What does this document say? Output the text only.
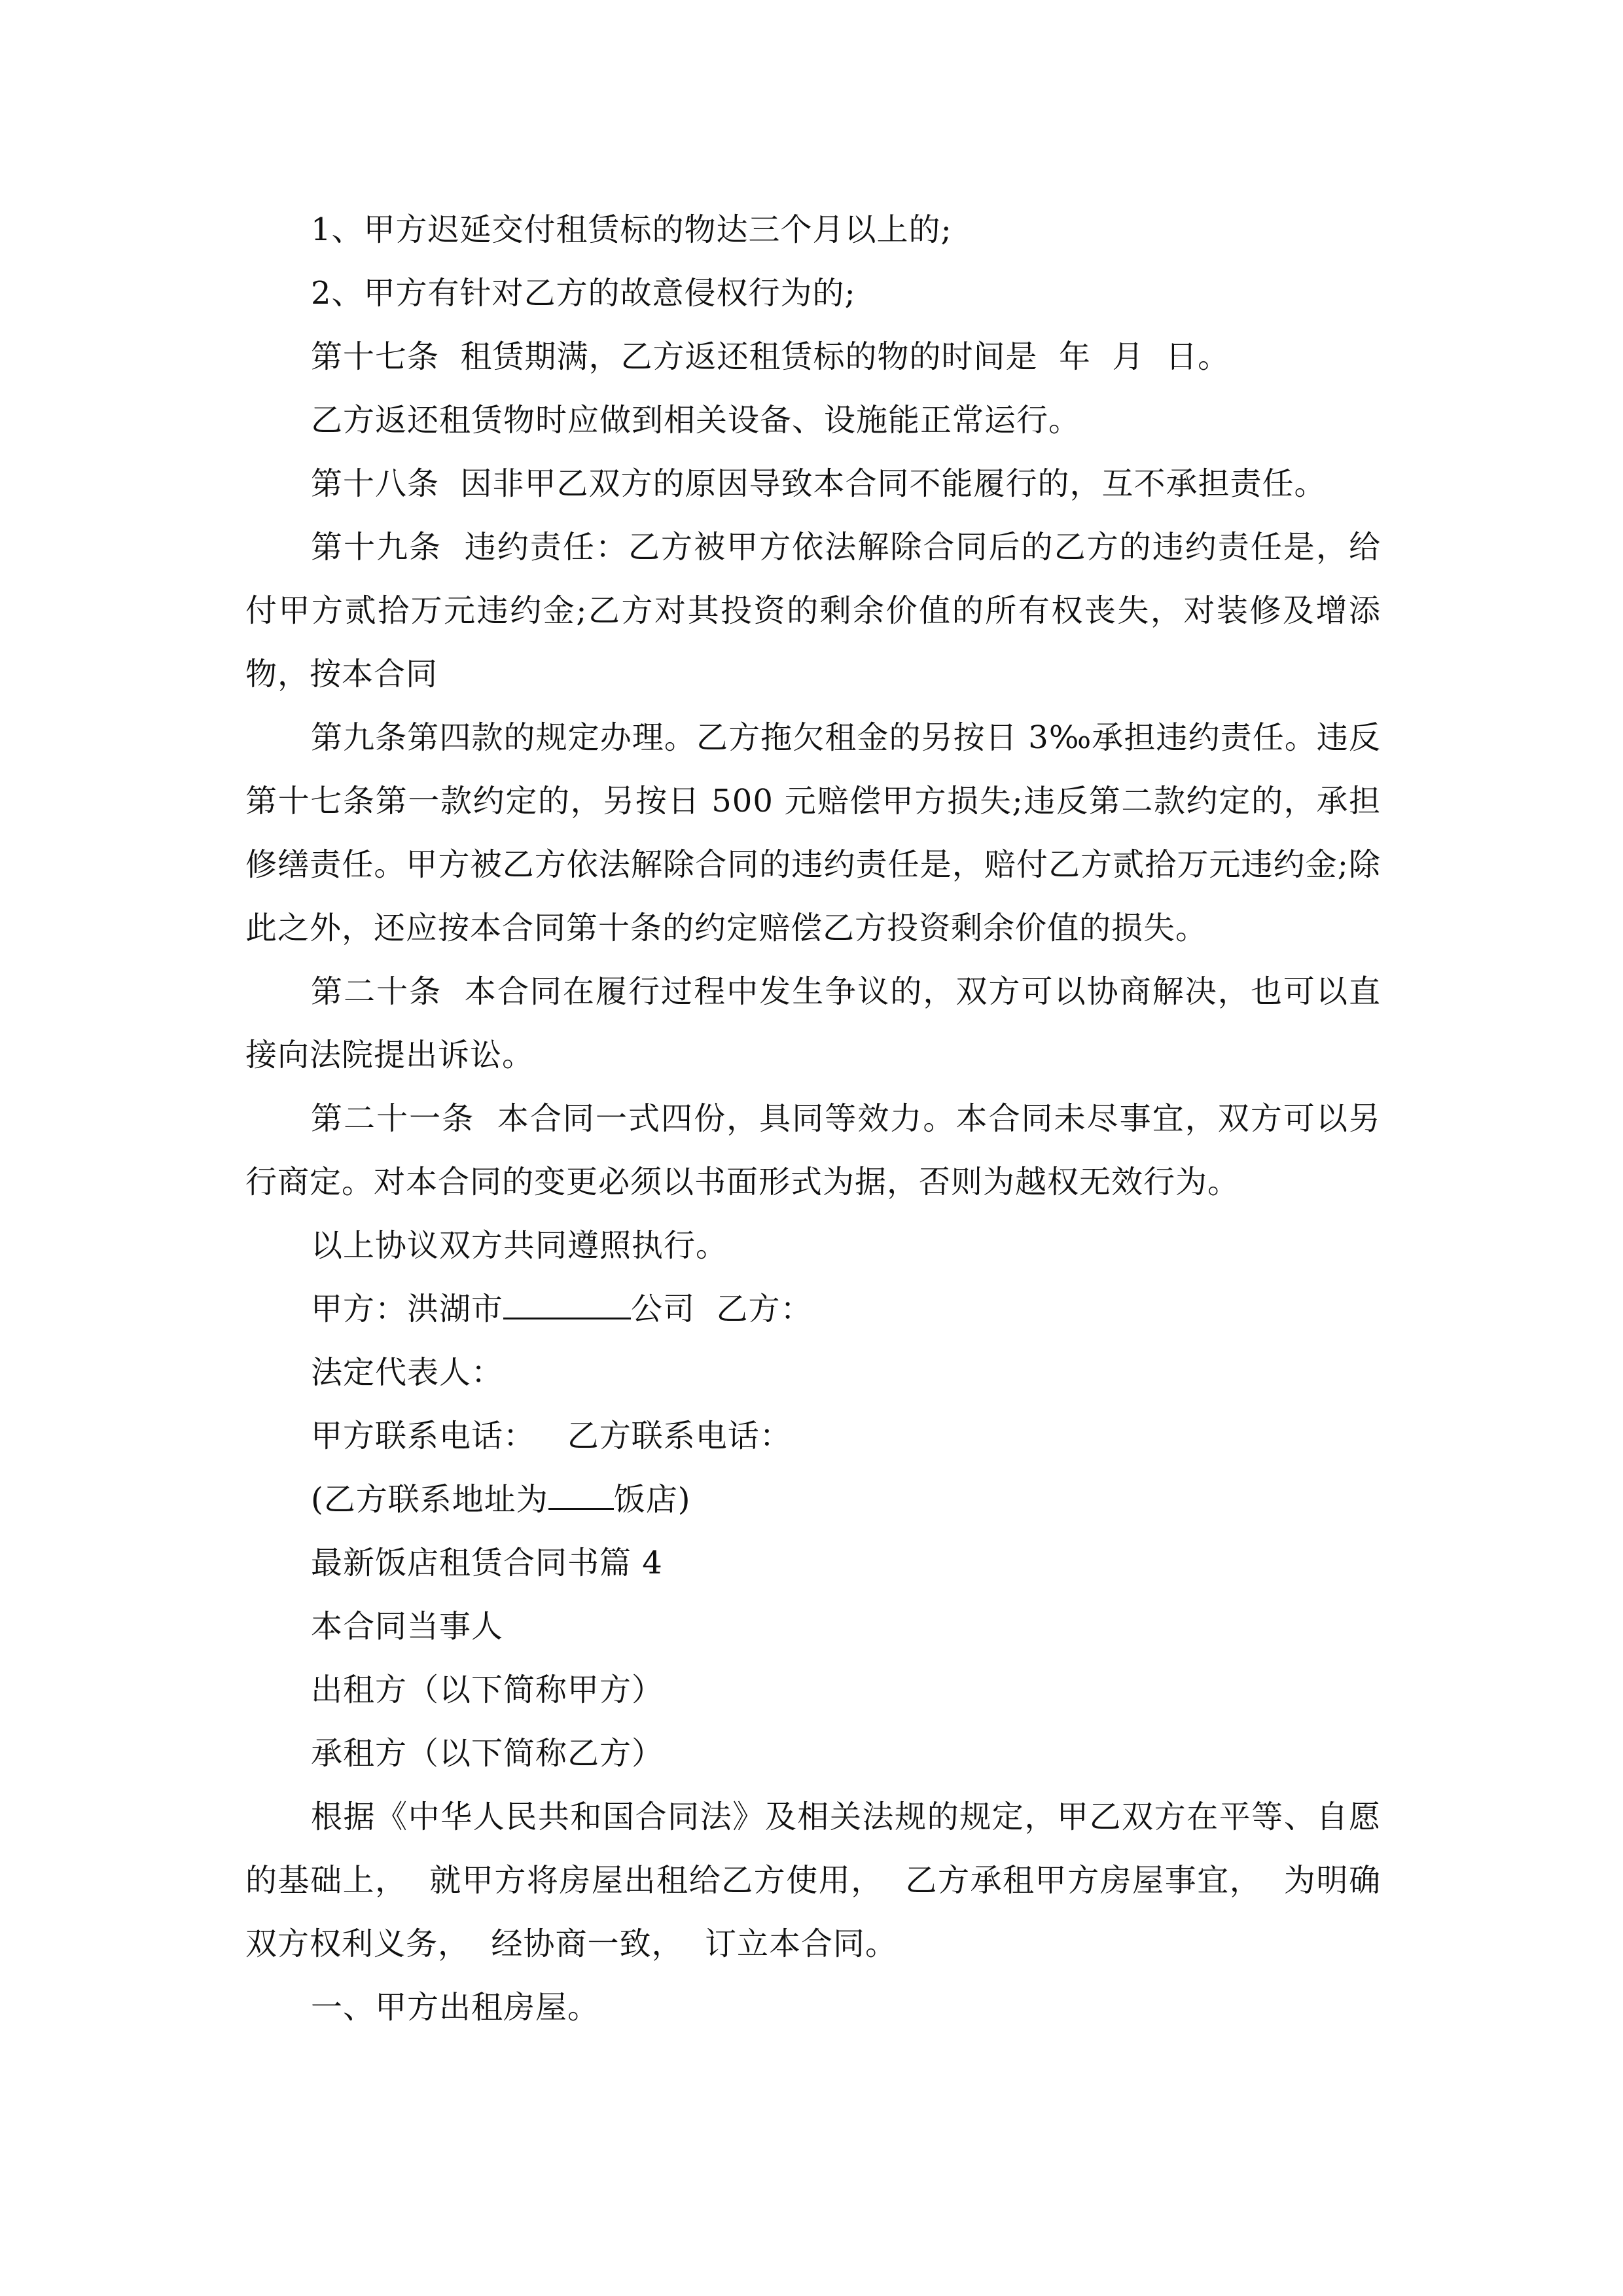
1、甲方迟延交付租赁标的物达三个月以上的;

2、甲方有针对乙方的故意侵权行为的;

第十七条  租赁期满，乙方返还租赁标的物的时间是  年  月  日。

乙方返还租赁物时应做到相关设备、设施能正常运行。

第十八条  因非甲乙双方的原因导致本合同不能履行的，互不承担责任。

第十九条  违约责任：乙方被甲方依法解除合同后的乙方的违约责任是，给付甲方贰拾万元违约金;乙方对其投资的剩余价值的所有权丧失，对装修及增添物，按本合同

第九条第四款的规定办理。乙方拖欠租金的另按日 3‰承担违约责任。违反第十七条第一款约定的，另按日 500 元赔偿甲方损失;违反第二款约定的，承担修缮责任。甲方被乙方依法解除合同的违约责任是，赔付乙方贰拾万元违约金;除此之外，还应按本合同第十条的约定赔偿乙方投资剩余价值的损失。

第二十条  本合同在履行过程中发生争议的，双方可以协商解决，也可以直接向法院提出诉讼。

第二十一条  本合同一式四份，具同等效力。本合同未尽事宜，双方可以另行商定。对本合同的变更必须以书面形式为据，否则为越权无效行为。

以上协议双方共同遵照执行。

甲方：洪湖市	公司  乙方：

法定代表人：

甲方联系电话：   乙方联系电话：

(乙方联系地址为 饭店)

最新饭店租赁合同书篇 4

本合同当事人

出租方（以下简称甲方）

承租方（以下简称乙方）

根据《中华人民共和国合同法》及相关法规的规定，甲乙双方在平等、自愿的基础上，  就甲方将房屋出租给乙方使用，  乙方承租甲方房屋事宜，  为明确双方权利义务，  经协商一致，  订立本合同。

一、甲方出租房屋。
